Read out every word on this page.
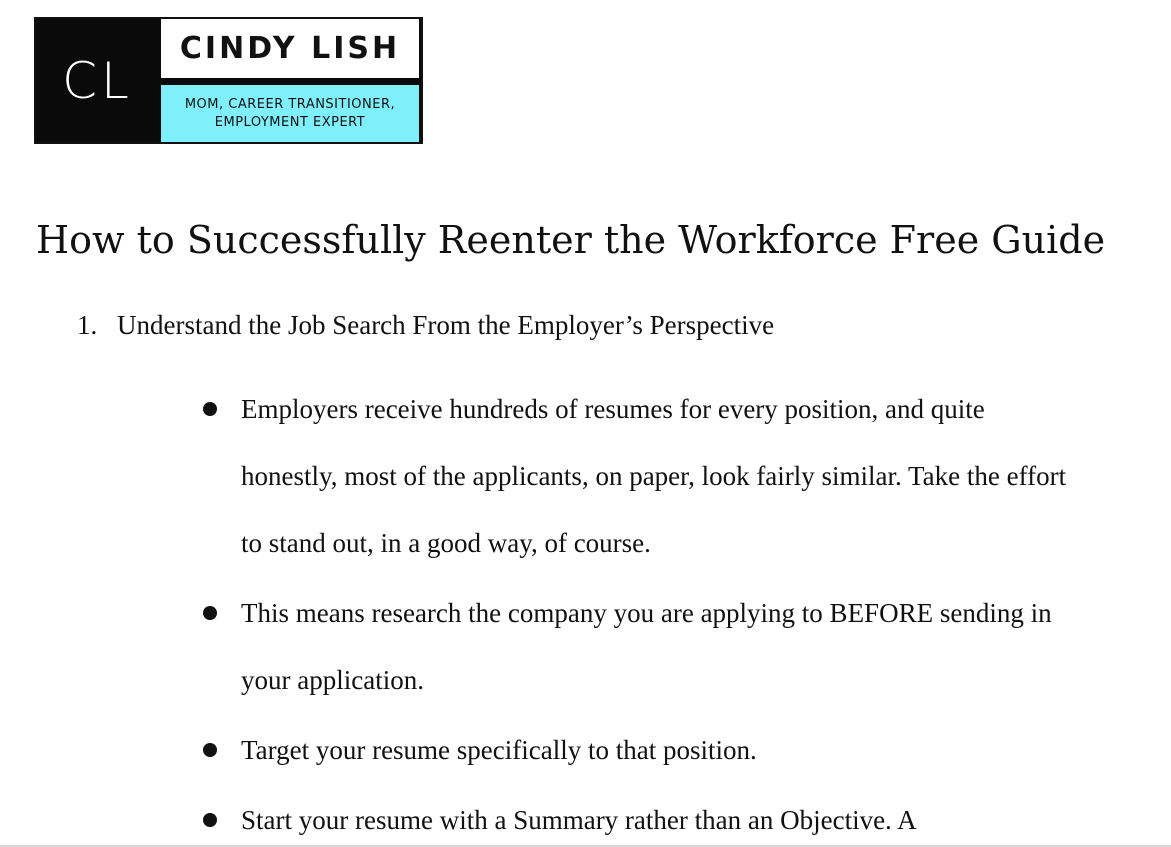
CL
CINDY LISH
MOM, CAREER TRANSITIONER,
EMPLOYMENT EXPERT
How to Successfully Reenter the Workforce Free Guide
1. Understand the Job Search From the Employer’s Perspective
Employers receive hundreds of resumes for every position, and quite honestly, most of the applicants, on paper, look fairly similar. Take the effort to stand out, in a good way, of course.
This means research the company you are applying to BEFORE sending in your application.
Target your resume specifically to that position.
Start your resume with a Summary rather than an Objective. A
